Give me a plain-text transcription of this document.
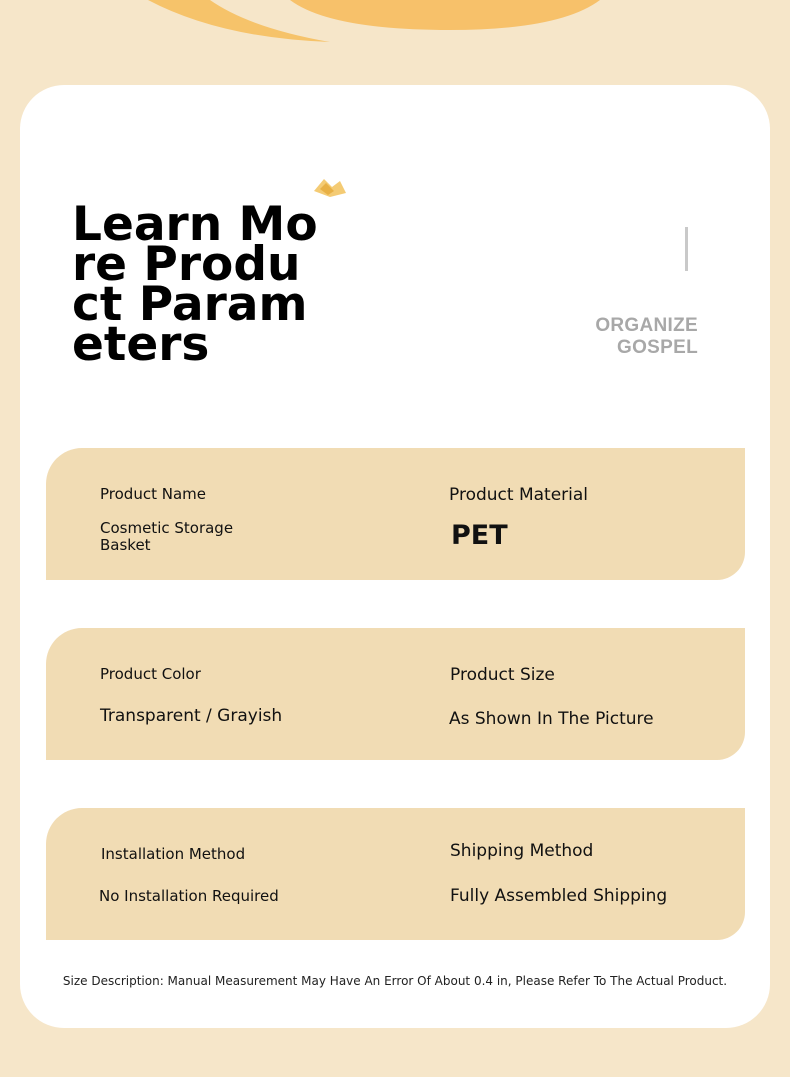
Learn More Product Parameters	ORGANIZE
GOSPEL
Product Name
Cosmetic Storage Basket
Product Material
PET
Product Color
Transparent / Grayish
Product Size
As Shown In The Picture
Installation Method
No Installation Required
Shipping Method
Fully Assembled Shipping
Size Description: Manual Measurement May Have An Error Of About 0.4 in, Please Refer To The Actual Product.
